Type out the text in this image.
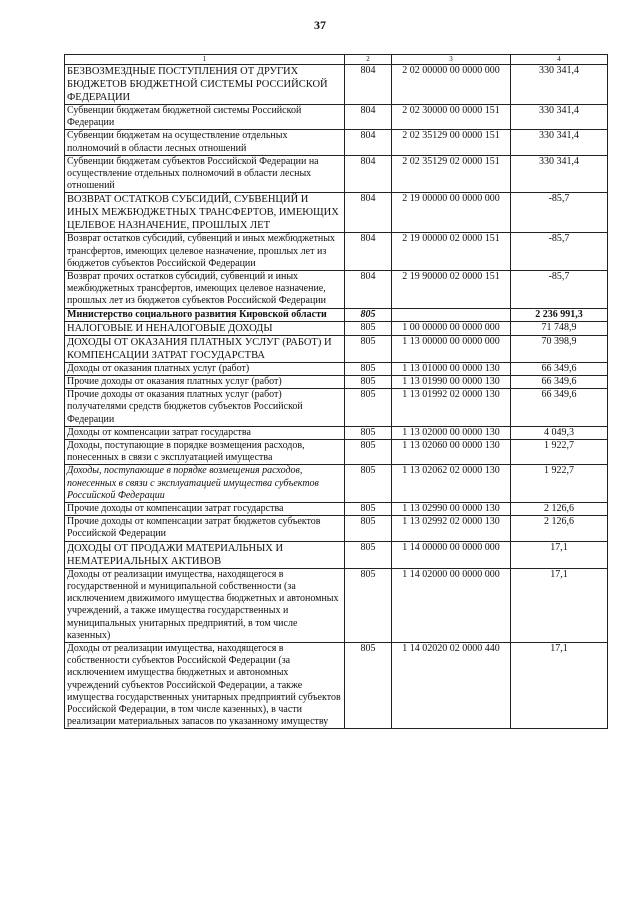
37
1	2	3	4
БЕЗВОЗМЕЗДНЫЕ ПОСТУПЛЕНИЯ ОТ ДРУГИХ БЮДЖЕТОВ БЮДЖЕТНОЙ СИСТЕМЫ РОССИЙСКОЙ ФЕДЕРАЦИИ	804	2 02 00000 00 0000 000	330 341,4
Субвенции бюджетам бюджетной системы Российской Федерации	804	2 02 30000 00 0000 151	330 341,4
Субвенции бюджетам на осуществление отдельных полномочий в области лесных отношений	804	2 02 35129 00 0000 151	330 341,4
Субвенции бюджетам субъектов Российской Федерации на осуществление отдельных полномочий в области лесных отношений	804	2 02 35129 02 0000 151	330 341,4
ВОЗВРАТ ОСТАТКОВ СУБСИДИЙ, СУБВЕНЦИЙ И ИНЫХ МЕЖБЮДЖЕТНЫХ ТРАНСФЕРТОВ, ИМЕЮЩИХ ЦЕЛЕВОЕ НАЗНАЧЕНИЕ, ПРОШЛЫХ ЛЕТ	804	2 19 00000 00 0000 000	-85,7
Возврат остатков субсидий, субвенций и иных межбюджетных трансфертов, имеющих целевое назначение, прошлых лет из бюджетов субъектов Российской Федерации	804	2 19 00000 02 0000 151	-85,7
Возврат прочих остатков субсидий, субвенций и иных межбюджетных трансфертов, имеющих целевое назначение, прошлых лет из бюджетов субъектов Российской Федерации	804	2 19 90000 02 0000 151	-85,7
Министерство социального развития Кировской области	805		2 236 991,3
НАЛОГОВЫЕ И НЕНАЛОГОВЫЕ ДОХОДЫ	805	1 00 00000 00 0000 000	71 748,9
ДОХОДЫ ОТ ОКАЗАНИЯ ПЛАТНЫХ УСЛУГ (РАБОТ) И КОМПЕНСАЦИИ ЗАТРАТ ГОСУДАРСТВА	805	1 13 00000 00 0000 000	70 398,9
Доходы от оказания платных услуг (работ)	805	1 13 01000 00 0000 130	66 349,6
Прочие доходы от оказания платных услуг (работ)	805	1 13 01990 00 0000 130	66 349,6
Прочие доходы от оказания платных услуг (работ) получателями средств бюджетов субъектов Российской Федерации	805	1 13 01992 02 0000 130	66 349,6
Доходы от компенсации затрат государства	805	1 13 02000 00 0000 130	4 049,3
Доходы, поступающие в порядке возмещения расходов, понесенных в связи с эксплуатацией имущества	805	1 13 02060 00 0000 130	1 922,7
Доходы, поступающие в порядке возмещения расходов, понесенных в связи с эксплуатацией имущества субъектов Российской Федерации	805	1 13 02062 02 0000 130	1 922,7
Прочие доходы от компенсации затрат государства	805	1 13 02990 00 0000 130	2 126,6
Прочие доходы от компенсации затрат бюджетов субъектов Российской Федерации	805	1 13 02992 02 0000 130	2 126,6
ДОХОДЫ ОТ ПРОДАЖИ МАТЕРИАЛЬНЫХ И НЕМАТЕРИАЛЬНЫХ АКТИВОВ	805	1 14 00000 00 0000 000	17,1
Доходы от реализации имущества, находящегося в государственной и муниципальной собственности (за исключением движимого имущества бюджетных и автономных учреждений, а также имущества государственных и муниципальных унитарных предприятий, в том числе казенных)	805	1 14 02000 00 0000 000	17,1
Доходы от реализации имущества, находящегося в собственности субъектов Российской Федерации (за исключением имущества бюджетных и автономных учреждений субъектов Российской Федерации, а также имущества государственных унитарных предприятий субъектов Российской Федерации, в том числе казенных), в части реализации материальных запасов по указанному имуществу	805	1 14 02020 02 0000 440	17,1
